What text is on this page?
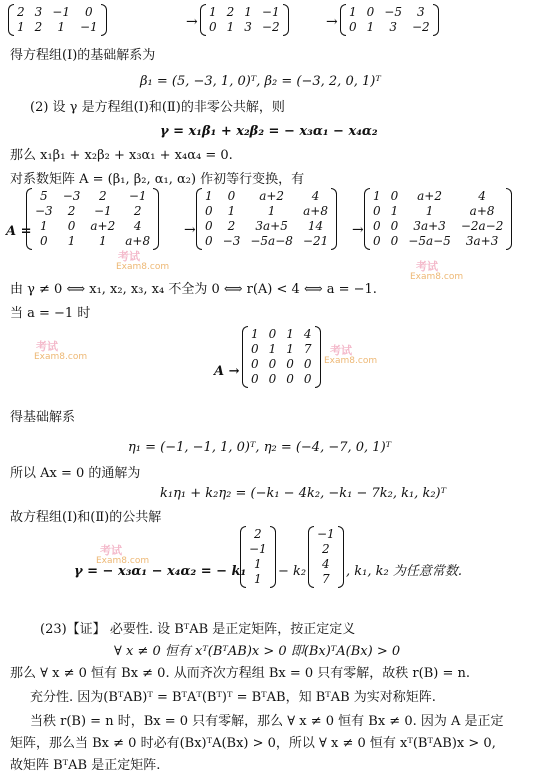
2 3 −1	0
1 2	1	−1	→
1 2 1 −1
0 1 3 −2	→
1 0 −5	3
0 1	3	−2
得方程组(Ⅰ)的基础解系为
β₁ = (5, −3, 1, 0)ᵀ, β₂ = (−3, 2, 0, 1)ᵀ
(2) 设 γ 是方程组(Ⅰ)和(Ⅱ)的非零公共解，则
γ = x₁β₁ + x₂β₂ = − x₃α₁ − x₄α₂
那么 x₁β₁ + x₂β₂ + x₃α₁ + x₄α₄ = 0.
对系数矩阵 A = (β₁, β₂, α₁, α₂) 作初等行变换，有
A =
5	−3	2	−1
−3	2	−1	2
1	0	a+2	4
0	1	1	a+8
→
1	0	a+2	4
0	1	1	a+8
0	2	3a+5	14
0 −3 −5a−8 −21
→
1 0	a+2	4
0 1	1	a+8
0 0	3a+3	−2a−2
0 0 −5a−5	3a+3
由 γ ≠ 0 ⟺ x₁, x₂, x₃, x₄ 不全为 0 ⟺ r(A) < 4 ⟺ a = −1.
当 a = −1 时
A →
1 0 1 4
0 1 1 7
0 0 0 0
0 0 0 0
得基础解系
η₁ = (−1, −1, 1, 0)ᵀ, η₂ = (−4, −7, 0, 1)ᵀ
所以 Ax = 0 的通解为
k₁η₁ + k₂η₂ = (−k₁ − 4k₂, −k₁ − 7k₂, k₁, k₂)ᵀ
故方程组(Ⅰ)和(Ⅱ)的公共解
γ = − x₃α₁ − x₄α₂ = − k₁
2
−1
1
1	− k₂
−1
2
4
7	, k₁, k₂ 为任意常数.
(23)【证】 必要性. 设 BᵀAB 是正定矩阵，按正定定义
∀ x ≠ 0 恒有 xᵀ(BᵀAB)x > 0 即(Bx)ᵀA(Bx) > 0
那么 ∀ x ≠ 0 恒有 Bx ≠ 0. 从而齐次方程组 Bx = 0 只有零解，故秩 r(B) = n.
充分性. 因为(BᵀAB)ᵀ = BᵀAᵀ(Bᵀ)ᵀ = BᵀAB，知 BᵀAB 为实对称矩阵.
当秩 r(B) = n 时，Bx = 0 只有零解，那么 ∀ x ≠ 0 恒有 Bx ≠ 0. 因为 A 是正定
矩阵，那么当 Bx ≠ 0 时必有(Bx)ᵀA(Bx) > 0，所以 ∀ x ≠ 0 恒有 xᵀ(BᵀAB)x > 0,
故矩阵 BᵀAB 是正定矩阵.
考试
Exam8.com	考试
Exam8.com
考试
Exam8.com	考试
Exam8.com
考试
Exam8.com
